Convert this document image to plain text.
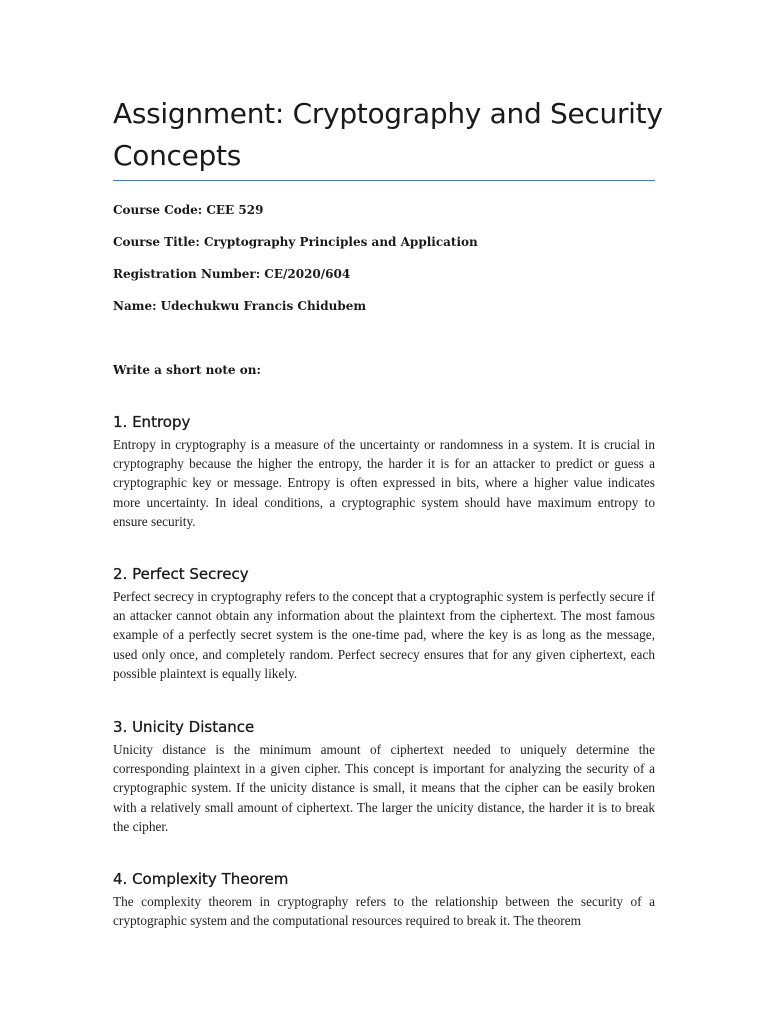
Assignment: Cryptography and Security Concepts

Course Code: CEE 529

Course Title: Cryptography Principles and Application

Registration Number: CE/2020/604

Name: Udechukwu Francis Chidubem

Write a short note on:

1. Entropy

Entropy in cryptography is a measure of the uncertainty or randomness in a system. It is crucial in cryptography because the higher the entropy, the harder it is for an attacker to predict or guess a cryptographic key or message. Entropy is often expressed in bits, where a higher value indicates more uncertainty. In ideal conditions, a cryptographic system should have maximum entropy to ensure security.

2. Perfect Secrecy

Perfect secrecy in cryptography refers to the concept that a cryptographic system is perfectly secure if an attacker cannot obtain any information about the plaintext from the ciphertext. The most famous example of a perfectly secret system is the one-time pad, where the key is as long as the message, used only once, and completely random. Perfect secrecy ensures that for any given ciphertext, each possible plaintext is equally likely.

3. Unicity Distance

Unicity distance is the minimum amount of ciphertext needed to uniquely determine the corresponding plaintext in a given cipher. This concept is important for analyzing the security of a cryptographic system. If the unicity distance is small, it means that the cipher can be easily broken with a relatively small amount of ciphertext. The larger the unicity distance, the harder it is to break the cipher.

4. Complexity Theorem

The complexity theorem in cryptography refers to the relationship between the security of a cryptographic system and the computational resources required to break it. The theorem
